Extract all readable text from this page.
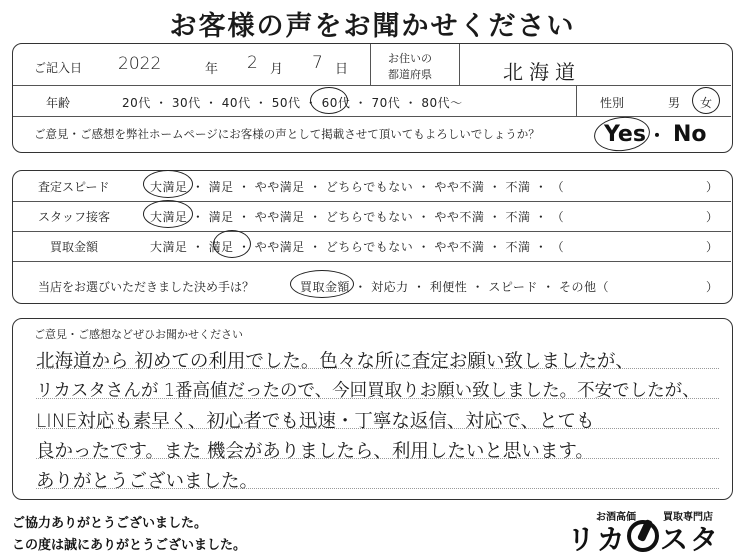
お客様の声をお聞かせください
ご記入日 2022	年 2 月 7 日
お住いの
都道府県	北海道
年齢	20代 ・ 30代 ・ 40代 ・ 50代 ・ 60代 ・ 70代 ・ 80代～	性別	男 女
ご意見・ご感想を弊社ホームページにお客様の声として掲載させて頂いてもよろしいでしょうか？	Yes ・ No
査定スピード	大満足 ・ 満足 ・ やや満足 ・ どちらでもない ・ やや不満 ・ 不満 ・ （	）
スタッフ接客	大満足 ・ 満足 ・ やや満足 ・ どちらでもない ・ やや不満 ・ 不満 ・ （	）
買取金額	大満足 ・ 満足 ・ やや満足 ・ どちらでもない ・ やや不満 ・ 不満 ・ （	）
当店をお選びいただきました決め手は？	買取金額 ・ 対応力 ・ 利便性 ・ スピード ・ その他（	）
ご意見・ご感想などぜひお聞かせください
北海道から 初めての利用でした。色々な所に査定お願い致しましたが、
リカスタさんが 1番高値だったので、今回買取りお願い致しました。不安でしたが、
LINE対応も素早く、初心者でも迅速・丁寧な返信、対応で、とても
良かったです。また 機会がありましたら、利用したいと思います。
ありがとうございました。
ご協力ありがとうございました。
この度は誠にありがとうございました。
お酒高価	買取専門店
リカ スタ
